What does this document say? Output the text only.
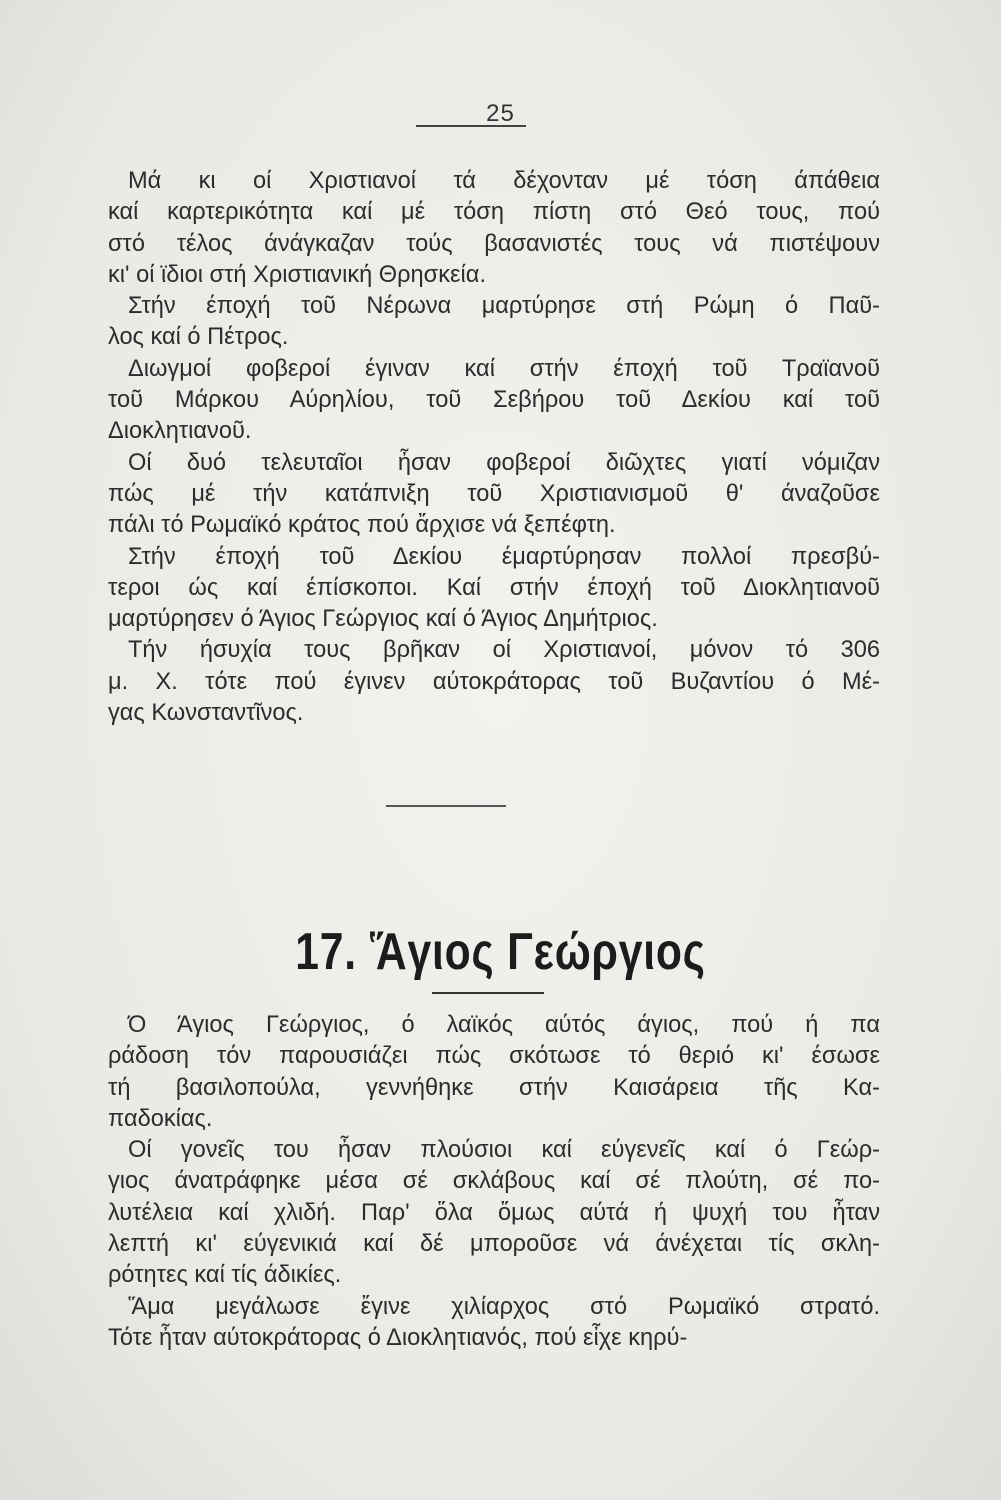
25

Μά κι οί Χριστιανοί τά δέχονταν μέ τόση άπάθεια
καί καρτερικότητα καί μέ τόση πίστη στό Θεό τους, πού
στό τέλος άνάγκαζαν τούς βασανιστές τους νά πιστέψουν
κι' οί ϊδιοι στή Χριστιανική Θρησκεία.

Στήν έποχή τοῦ Νέρωνα μαρτύρησε στή Ρώμη ό Παῦ-
λος καί ό Πέτρος.

Διωγμοί φοβεροί έγιναν καί στήν έποχή τοῦ Τραϊανοῦ
τοῦ Μάρκου Αύρηλίου, τοῦ Σεβήρου τοῦ Δεκίου καί τοῦ
Διοκλητιανοῦ.

Οί δυό τελευταῖοι ἦσαν φοβεροί διῶχτες γιατί νόμιζαν
πώς μέ τήν κατάπνιξη τοῦ Χριστιανισμοῦ θ' άναζοῦσε
πάλι τό Ρωμαϊκό κράτος πού ἄρχισε νά ξεπέφτη.

Στήν έποχή τοῦ Δεκίου έμαρτύρησαν πολλοί πρεσβύ-
τεροι ώς καί έπίσκοποι. Καί στήν έποχή τοῦ Διοκλητιανοῦ
μαρτύρησεν ό Άγιος Γεώργιος καί ό Άγιος Δημήτριος.

Τήν ήσυχία τους βρῆκαν οί Χριστιανοί, μόνον τό 306
μ. Χ. τότε πού έγινεν αύτοκράτορας τοῦ Βυζαντίου ό Μέ-
γας Κωνσταντῖνος.

17. Ἅγιος Γεώργιος

Ό Άγιος Γεώργιος, ό λαϊκός αύτός άγιος, πού ή πα
ράδοση τόν παρουσιάζει πώς σκότωσε τό θεριό κι' έσωσε
τή βασιλοπούλα, γεννήθηκε στήν Καισάρεια τῆς Κα-
παδοκίας.

Οί γονεῖς του ἦσαν πλούσιοι καί εύγενεῖς καί ό Γεώρ-
γιος άνατράφηκε μέσα σέ σκλάβους καί σέ πλούτη, σέ πο-
λυτέλεια καί χλιδή. Παρ' ὅλα ὅμως αύτά ή ψυχή του ἦταν
λεπτή κι' εύγενικιά καί δέ μποροῦσε νά άνέχεται τίς σκλη-
ρότητες καί τίς άδικίες.

Ἅμα μεγάλωσε ἔγινε χιλίαρχος στό Ρωμαϊκό στρατό.
Τότε ἦταν αύτοκράτορας ό Διοκλητιανός, πού εἶχε κηρύ-
